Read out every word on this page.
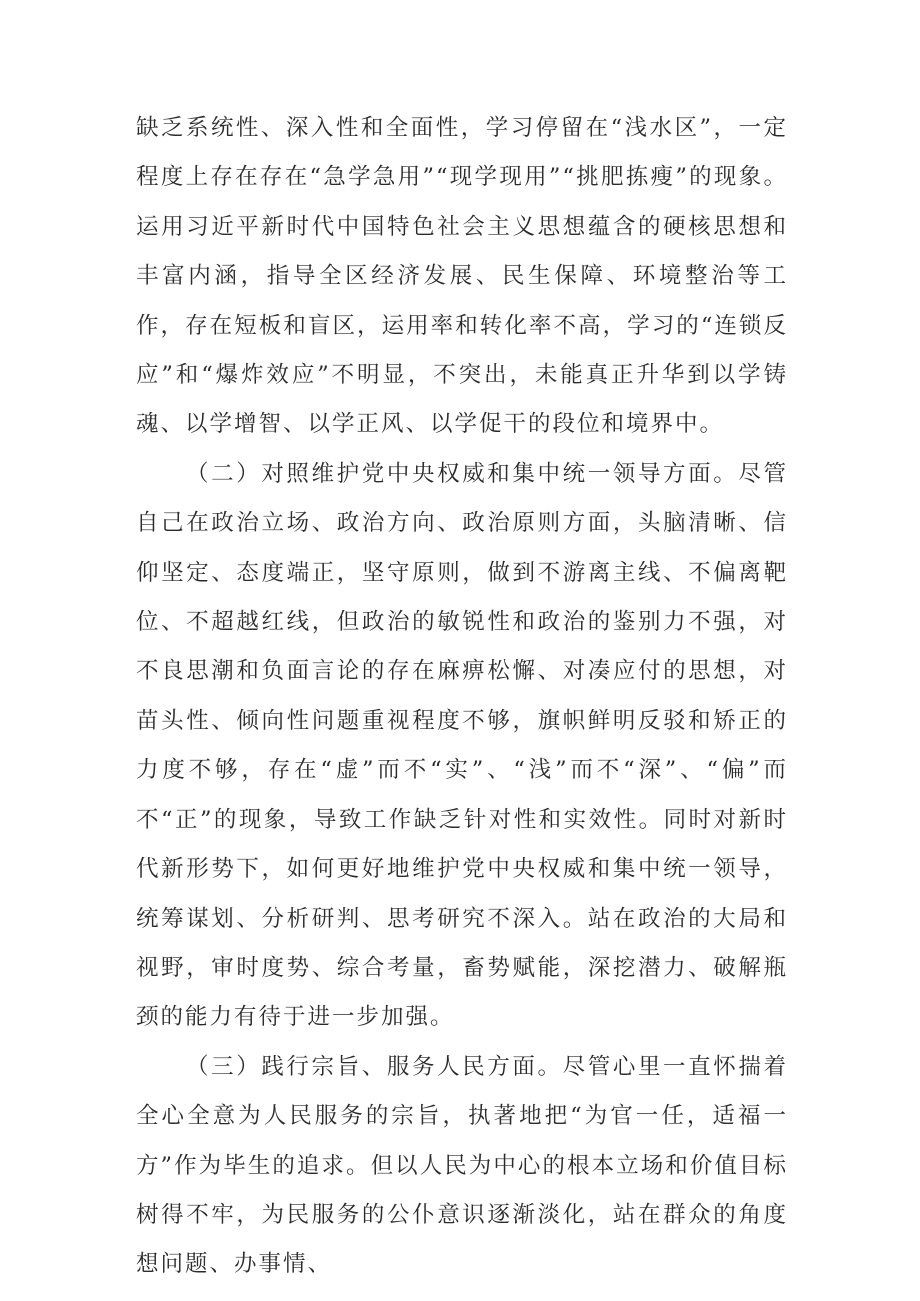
缺乏系统性、深入性和全面性，学习停留在“浅水区”，一定程度上存在存在“急学急用”“现学现用”“挑肥拣瘦”的现象。运用习近平新时代中国特色社会主义思想蕴含的硬核思想和丰富内涵，指导全区经济发展、民生保障、环境整治等工作，存在短板和盲区，运用率和转化率不高，学习的“连锁反应”和“爆炸效应”不明显，不突出，未能真正升华到以学铸魂、以学增智、以学正风、以学促干的段位和境界中。

（二）对照维护党中央权威和集中统一领导方面。尽管自己在政治立场、政治方向、政治原则方面，头脑清晰、信仰坚定、态度端正，坚守原则，做到不游离主线、不偏离靶位、不超越红线，但政治的敏锐性和政治的鉴别力不强，对不良思潮和负面言论的存在麻痹松懈、对凑应付的思想，对苗头性、倾向性问题重视程度不够，旗帜鲜明反驳和矫正的力度不够，存在“虚”而不“实”、“浅”而不“深”、“偏”而不“正”的现象，导致工作缺乏针对性和实效性。同时对新时代新形势下，如何更好地维护党中央权威和集中统一领导，统筹谋划、分析研判、思考研究不深入。站在政治的大局和视野，审时度势、综合考量，畜势赋能，深挖潜力、破解瓶颈的能力有待于进一步加强。

（三）践行宗旨、服务人民方面。尽管心里一直怀揣着全心全意为人民服务的宗旨，执著地把“为官一任，适福一方”作为毕生的追求。但以人民为中心的根本立场和价值目标树得不牢，为民服务的公仆意识逐渐淡化，站在群众的角度想问题、办事情、
